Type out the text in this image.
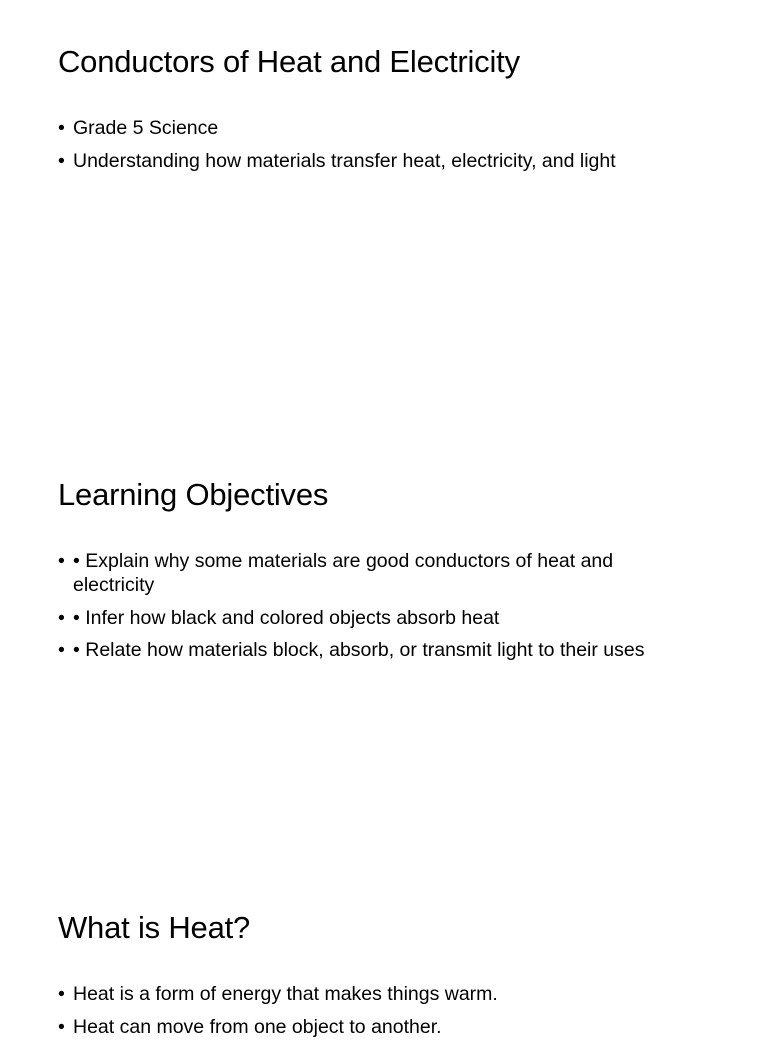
Conductors of Heat and Electricity
• Grade 5 Science
• Understanding how materials transfer heat, electricity, and light
Learning Objectives
• • Explain why some materials are good conductors of heat and electricity
• • Infer how black and colored objects absorb heat
• • Relate how materials block, absorb, or transmit light to their uses
What is Heat?
• Heat is a form of energy that makes things warm.
• Heat can move from one object to another.
